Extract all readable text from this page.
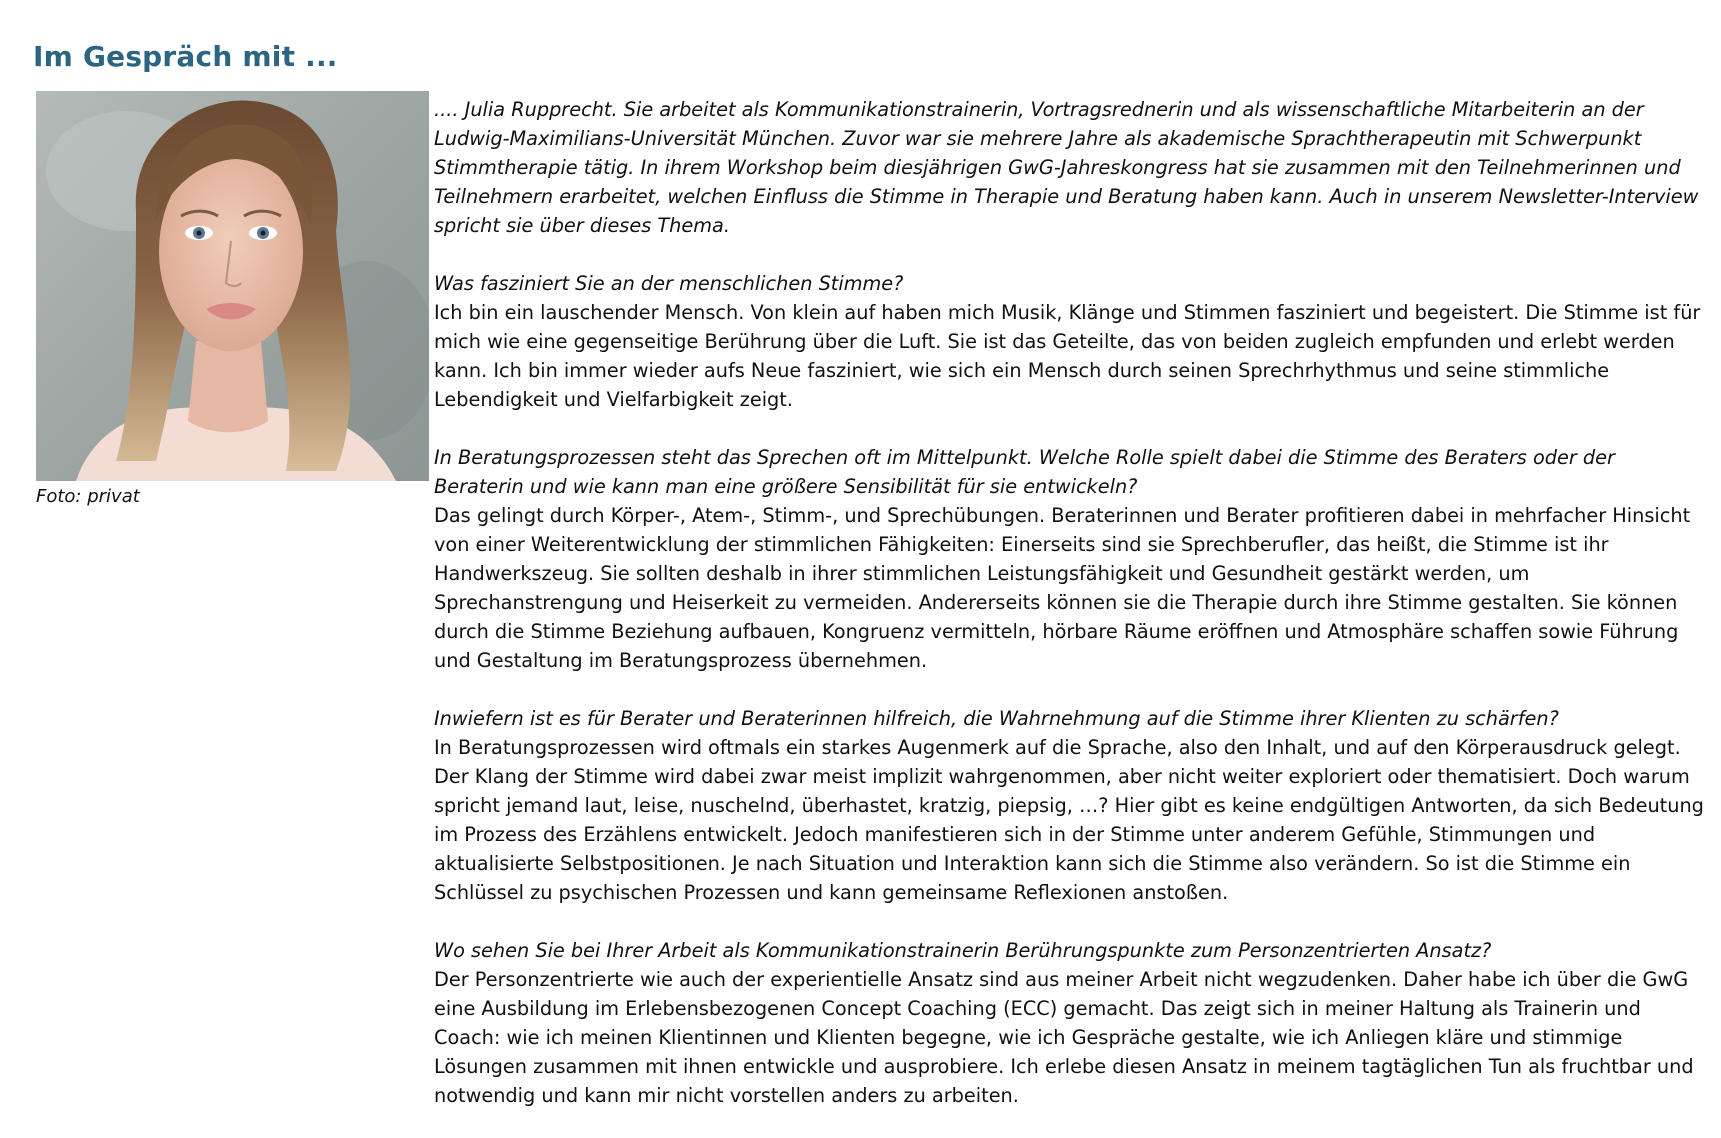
Im Gespräch mit ...
Foto: privat

.... Julia Rupprecht. Sie arbeitet als Kommunikationstrainerin, Vortragsrednerin und als wissenschaftliche Mitarbeiterin an der Ludwig-Maximilians-Universität München. Zuvor war sie mehrere Jahre als akademische Sprachtherapeutin mit Schwerpunkt Stimmtherapie tätig. In ihrem Workshop beim diesjährigen GwG-Jahreskongress hat sie zusammen mit den Teilnehmerinnen und Teilnehmern erarbeitet, welchen Einfluss die Stimme in Therapie und Beratung haben kann. Auch in unserem Newsletter-Interview spricht sie über dieses Thema.

Was fasziniert Sie an der menschlichen Stimme?

Ich bin ein lauschender Mensch. Von klein auf haben mich Musik, Klänge und Stimmen fasziniert und begeistert. Die Stimme ist für mich wie eine gegenseitige Berührung über die Luft. Sie ist das Geteilte, das von beiden zugleich empfunden und erlebt werden kann. Ich bin immer wieder aufs Neue fasziniert, wie sich ein Mensch durch seinen Sprechrhythmus und seine stimmliche Lebendigkeit und Vielfarbigkeit zeigt.

In Beratungsprozessen steht das Sprechen oft im Mittelpunkt. Welche Rolle spielt dabei die Stimme des Beraters oder der Beraterin und wie kann man eine größere Sensibilität für sie entwickeln?

Das gelingt durch Körper-, Atem-, Stimm-, und Sprechübungen. Beraterinnen und Berater profitieren dabei in mehrfacher Hinsicht von einer Weiterentwicklung der stimmlichen Fähigkeiten: Einerseits sind sie Sprechberufler, das heißt, die Stimme ist ihr Handwerkszeug. Sie sollten deshalb in ihrer stimmlichen Leistungsfähigkeit und Gesundheit gestärkt werden, um Sprechanstrengung und Heiserkeit zu vermeiden. Andererseits können sie die Therapie durch ihre Stimme gestalten. Sie können durch die Stimme Beziehung aufbauen, Kongruenz vermitteln, hörbare Räume eröffnen und Atmosphäre schaffen sowie Führung und Gestaltung im Beratungsprozess übernehmen.

Inwiefern ist es für Berater und Beraterinnen hilfreich, die Wahrnehmung auf die Stimme ihrer Klienten zu schärfen?

In Beratungsprozessen wird oftmals ein starkes Augenmerk auf die Sprache, also den Inhalt, und auf den Körperausdruck gelegt. Der Klang der Stimme wird dabei zwar meist implizit wahrgenommen, aber nicht weiter exploriert oder thematisiert. Doch warum spricht jemand laut, leise, nuschelnd, überhastet, kratzig, piepsig, …? Hier gibt es keine endgültigen Antworten, da sich Bedeutung im Prozess des Erzählens entwickelt. Jedoch manifestieren sich in der Stimme unter anderem Gefühle, Stimmungen und aktualisierte Selbstpositionen. Je nach Situation und Interaktion kann sich die Stimme also verändern. So ist die Stimme ein Schlüssel zu psychischen Prozessen und kann gemeinsame Reflexionen anstoßen.

Wo sehen Sie bei Ihrer Arbeit als Kommunikationstrainerin Berührungspunkte zum Personzentrierten Ansatz?

Der Personzentrierte wie auch der experientielle Ansatz sind aus meiner Arbeit nicht wegzudenken. Daher habe ich über die GwG eine Ausbildung im Erlebensbezogenen Concept Coaching (ECC) gemacht. Das zeigt sich in meiner Haltung als Trainerin und Coach: wie ich meinen Klientinnen und Klienten begegne, wie ich Gespräche gestalte, wie ich Anliegen kläre und stimmige Lösungen zusammen mit ihnen entwickle und ausprobiere. Ich erlebe diesen Ansatz in meinem tagtäglichen Tun als fruchtbar und notwendig und kann mir nicht vorstellen anders zu arbeiten.
